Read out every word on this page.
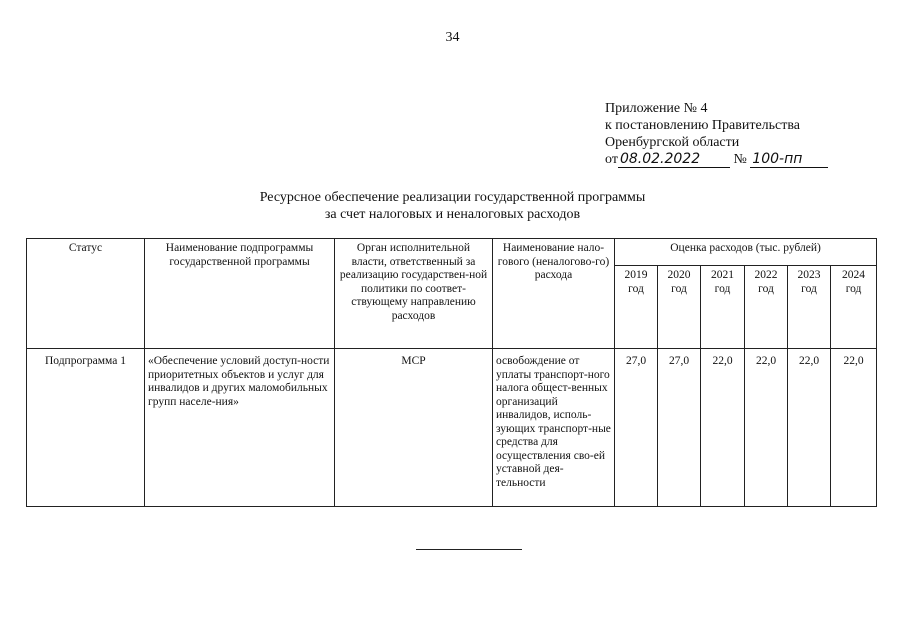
34
Приложение № 4
к постановлению Правительства
Оренбургской области
от 08.02.2022 № 100-пп
Ресурсное обеспечение реализации государственной программы
за счет налоговых и неналоговых расходов
Статус	Наименование подпрограммы государственной программы	Орган исполнительной власти, ответственный за реализацию государствен-ной политики по соответ-ствующему направлению расходов	Наименование нало-гового (неналогово-го) расхода	Оценка расходов (тыс. рублей)					
				2019 год	2020 год	2021 год	2022 год	2023 год	2024 год
Подпрограмма 1	«Обеспечение условий доступ-ности приоритетных объектов и услуг для инвалидов и других маломобильных групп населе-ния»	МСР	освобождение от уплаты транспорт-ного налога общест-венных организаций инвалидов, исполь-зующих транспорт-ные средства для осуществления сво-ей уставной дея-тельности	27,0	27,0	22,0	22,0	22,0	22,0
